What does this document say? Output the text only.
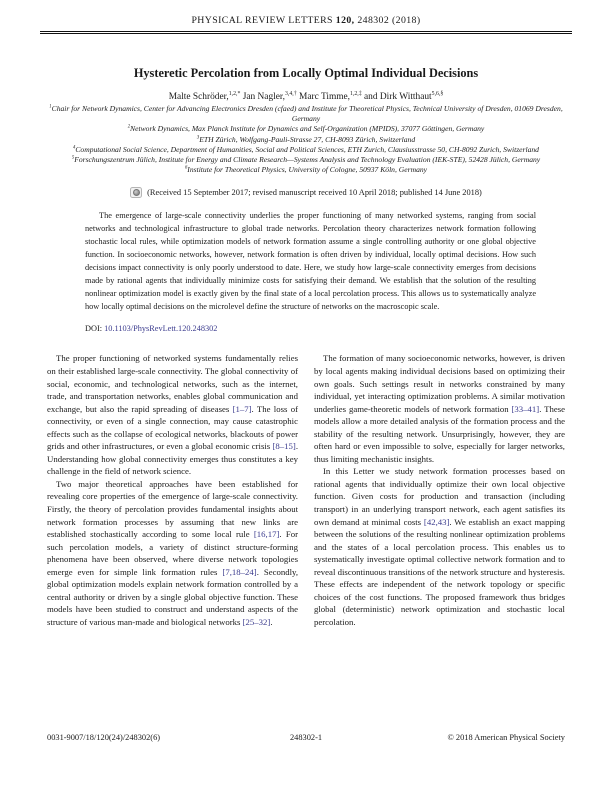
PHYSICAL REVIEW LETTERS 120, 248302 (2018)
Hysteretic Percolation from Locally Optimal Individual Decisions
Malte Schröder,$^{1,2,*}$ Jan Nagler,$^{3,4,\dagger}$ Marc Timme,$^{1,2,\ddagger}$ and Dirk Witthaut$^{5,6,\S}$
$^1$Chair for Network Dynamics, Center for Advancing Electronics Dresden (cfaed) and Institute for Theoretical Physics, Technical University of Dresden, 01069 Dresden, Germany
$^2$Network Dynamics, Max Planck Institute for Dynamics and Self-Organization (MPIDS), 37077 Göttingen, Germany
$^3$ETH Zürich, Wolfgang-Pauli-Strasse 27, CH-8093 Zürich, Switzerland
$^4$Computational Social Science, Department of Humanities, Social and Political Sciences, ETH Zurich, Clausiusstrasse 50, CH-8092 Zurich, Switzerland
$^5$Forschungszentrum Jülich, Institute for Energy and Climate Research—Systems Analysis and Technology Evaluation (IEK-STE), 52428 Jülich, Germany
$^6$Institute for Theoretical Physics, University of Cologne, 50937 Köln, Germany
(Received 15 September 2017; revised manuscript received 10 April 2018; published 14 June 2018)

The emergence of large-scale connectivity underlies the proper functioning of many networked systems, ranging from social networks and technological infrastructure to global trade networks. Percolation theory characterizes network formation following stochastic local rules, while optimization models of network formation assume a single controlling authority or one global objective function. In socioeconomic networks, however, network formation is often driven by individual, locally optimal decisions. How such decisions impact connectivity is only poorly understood to date. Here, we study how large-scale connectivity emerges from decisions made by rational agents that individually minimize costs for satisfying their demand. We establish that the solution of the resulting nonlinear optimization model is exactly given by the final state of a local percolation process. This allows us to systematically analyze how locally optimal decisions on the microlevel define the structure of networks on the macroscopic scale.

DOI: 10.1103/PhysRevLett.120.248302

The proper functioning of networked systems fundamentally relies on their established large-scale connectivity. The global connectivity of social, economic, and technological networks, such as the internet, trade, and transportation networks, enables global communication and exchange, but also the rapid spreading of diseases [1–7]. The loss of connectivity, or even of a single connection, may cause catastrophic effects such as the collapse of ecological networks, blackouts of power grids and other infrastructures, or even a global economic crisis [8–15]. Understanding how global connectivity emerges thus constitutes a key challenge in the field of network science.

Two major theoretical approaches have been established for revealing core properties of the emergence of large-scale connectivity. Firstly, the theory of percolation provides fundamental insights about network formation processes by assuming that new links are established stochastically according to some local rule [16,17]. For such percolation models, a variety of distinct structure-forming phenomena have been observed, where diverse network topologies emerge even for simple link formation rules [7,18–24]. Secondly, global optimization models explain network formation controlled by a central authority or driven by a single global objective function. These models have been studied to construct and understand aspects of the structure of various man-made and biological networks [25–32].

The formation of many socioeconomic networks, however, is driven by local agents making individual decisions based on optimizing their own goals. Such settings result in networks constrained by many individual, yet interacting optimization problems. A similar motivation underlies game-theoretic models of network formation [33–41]. These models allow a more detailed analysis of the formation process and the stability of the resulting network. Unsurprisingly, however, they are often hard or even impossible to solve, especially for larger networks, thus limiting mechanistic insights.

In this Letter we study network formation processes based on rational agents that individually optimize their own local objective function. Given costs for production and transaction (including transport) in an underlying transport network, each agent satisfies its own demand at minimal costs [42,43]. We establish an exact mapping between the solutions of the resulting nonlinear optimization problems and the states of a local percolation process. This enables us to systematically investigate optimal collective network formation and to reveal discontinuous transitions of the network structure and hysteresis. These effects are independent of the network topology or specific choices of the cost functions. The proposed framework thus bridges global (deterministic) network optimization and stochastic local percolation.

0031-9007/18/120(24)/248302(6)	248302-1	© 2018 American Physical Society
